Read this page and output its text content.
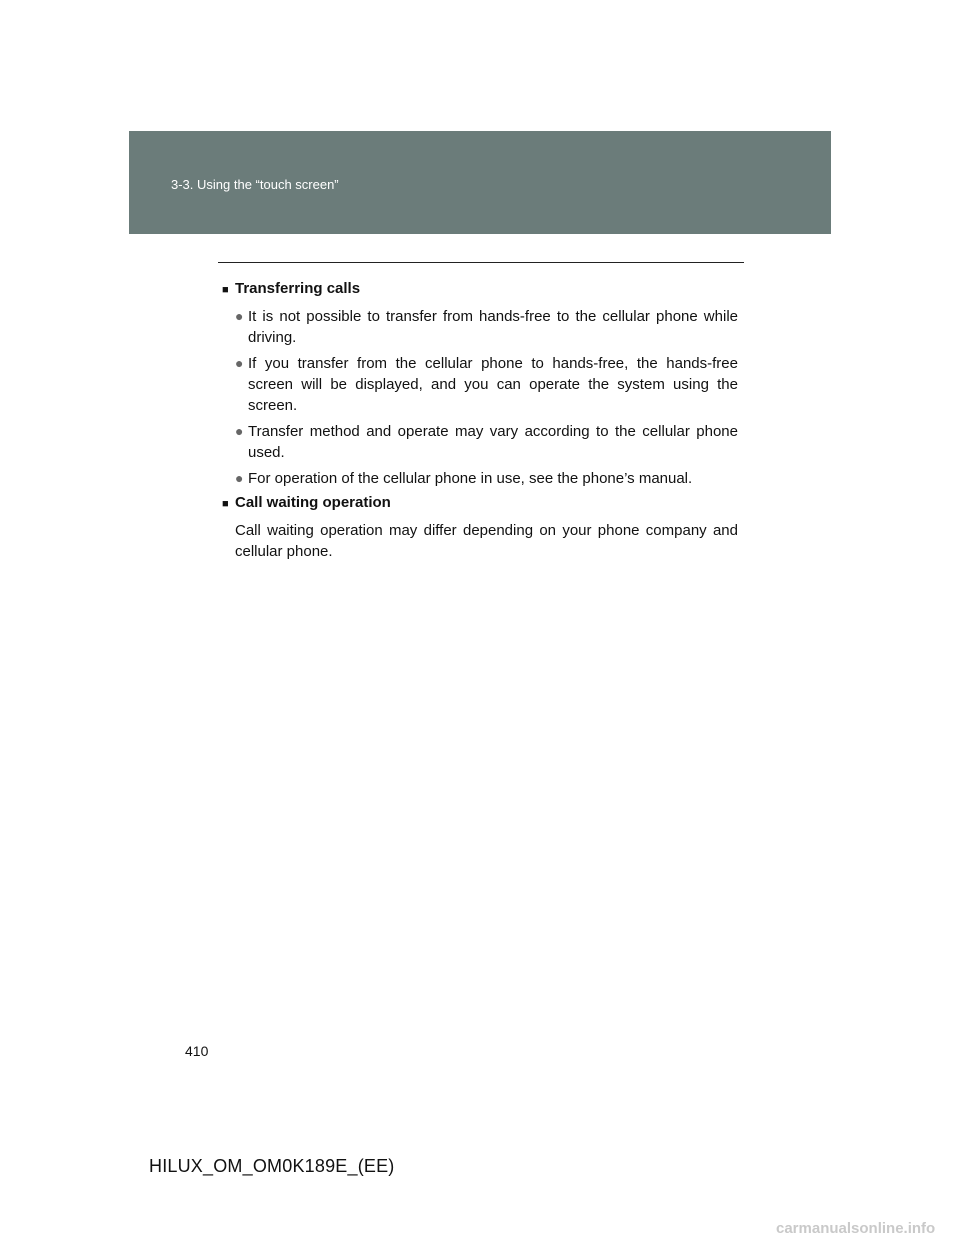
3-3. Using the “touch screen”
■ Transferring calls
● It is not possible to transfer from hands-free to the cellular phone while driving.
● If you transfer from the cellular phone to hands-free, the hands-free screen will be displayed, and you can operate the system using the screen.
● Transfer method and operate may vary according to the cellular phone used.
● For operation of the cellular phone in use, see the phone’s manual.
■ Call waiting operation
Call waiting operation may differ depending on your phone company and cellular phone.
410
HILUX_OM_OM0K189E_(EE)
carmanualsonline.info
